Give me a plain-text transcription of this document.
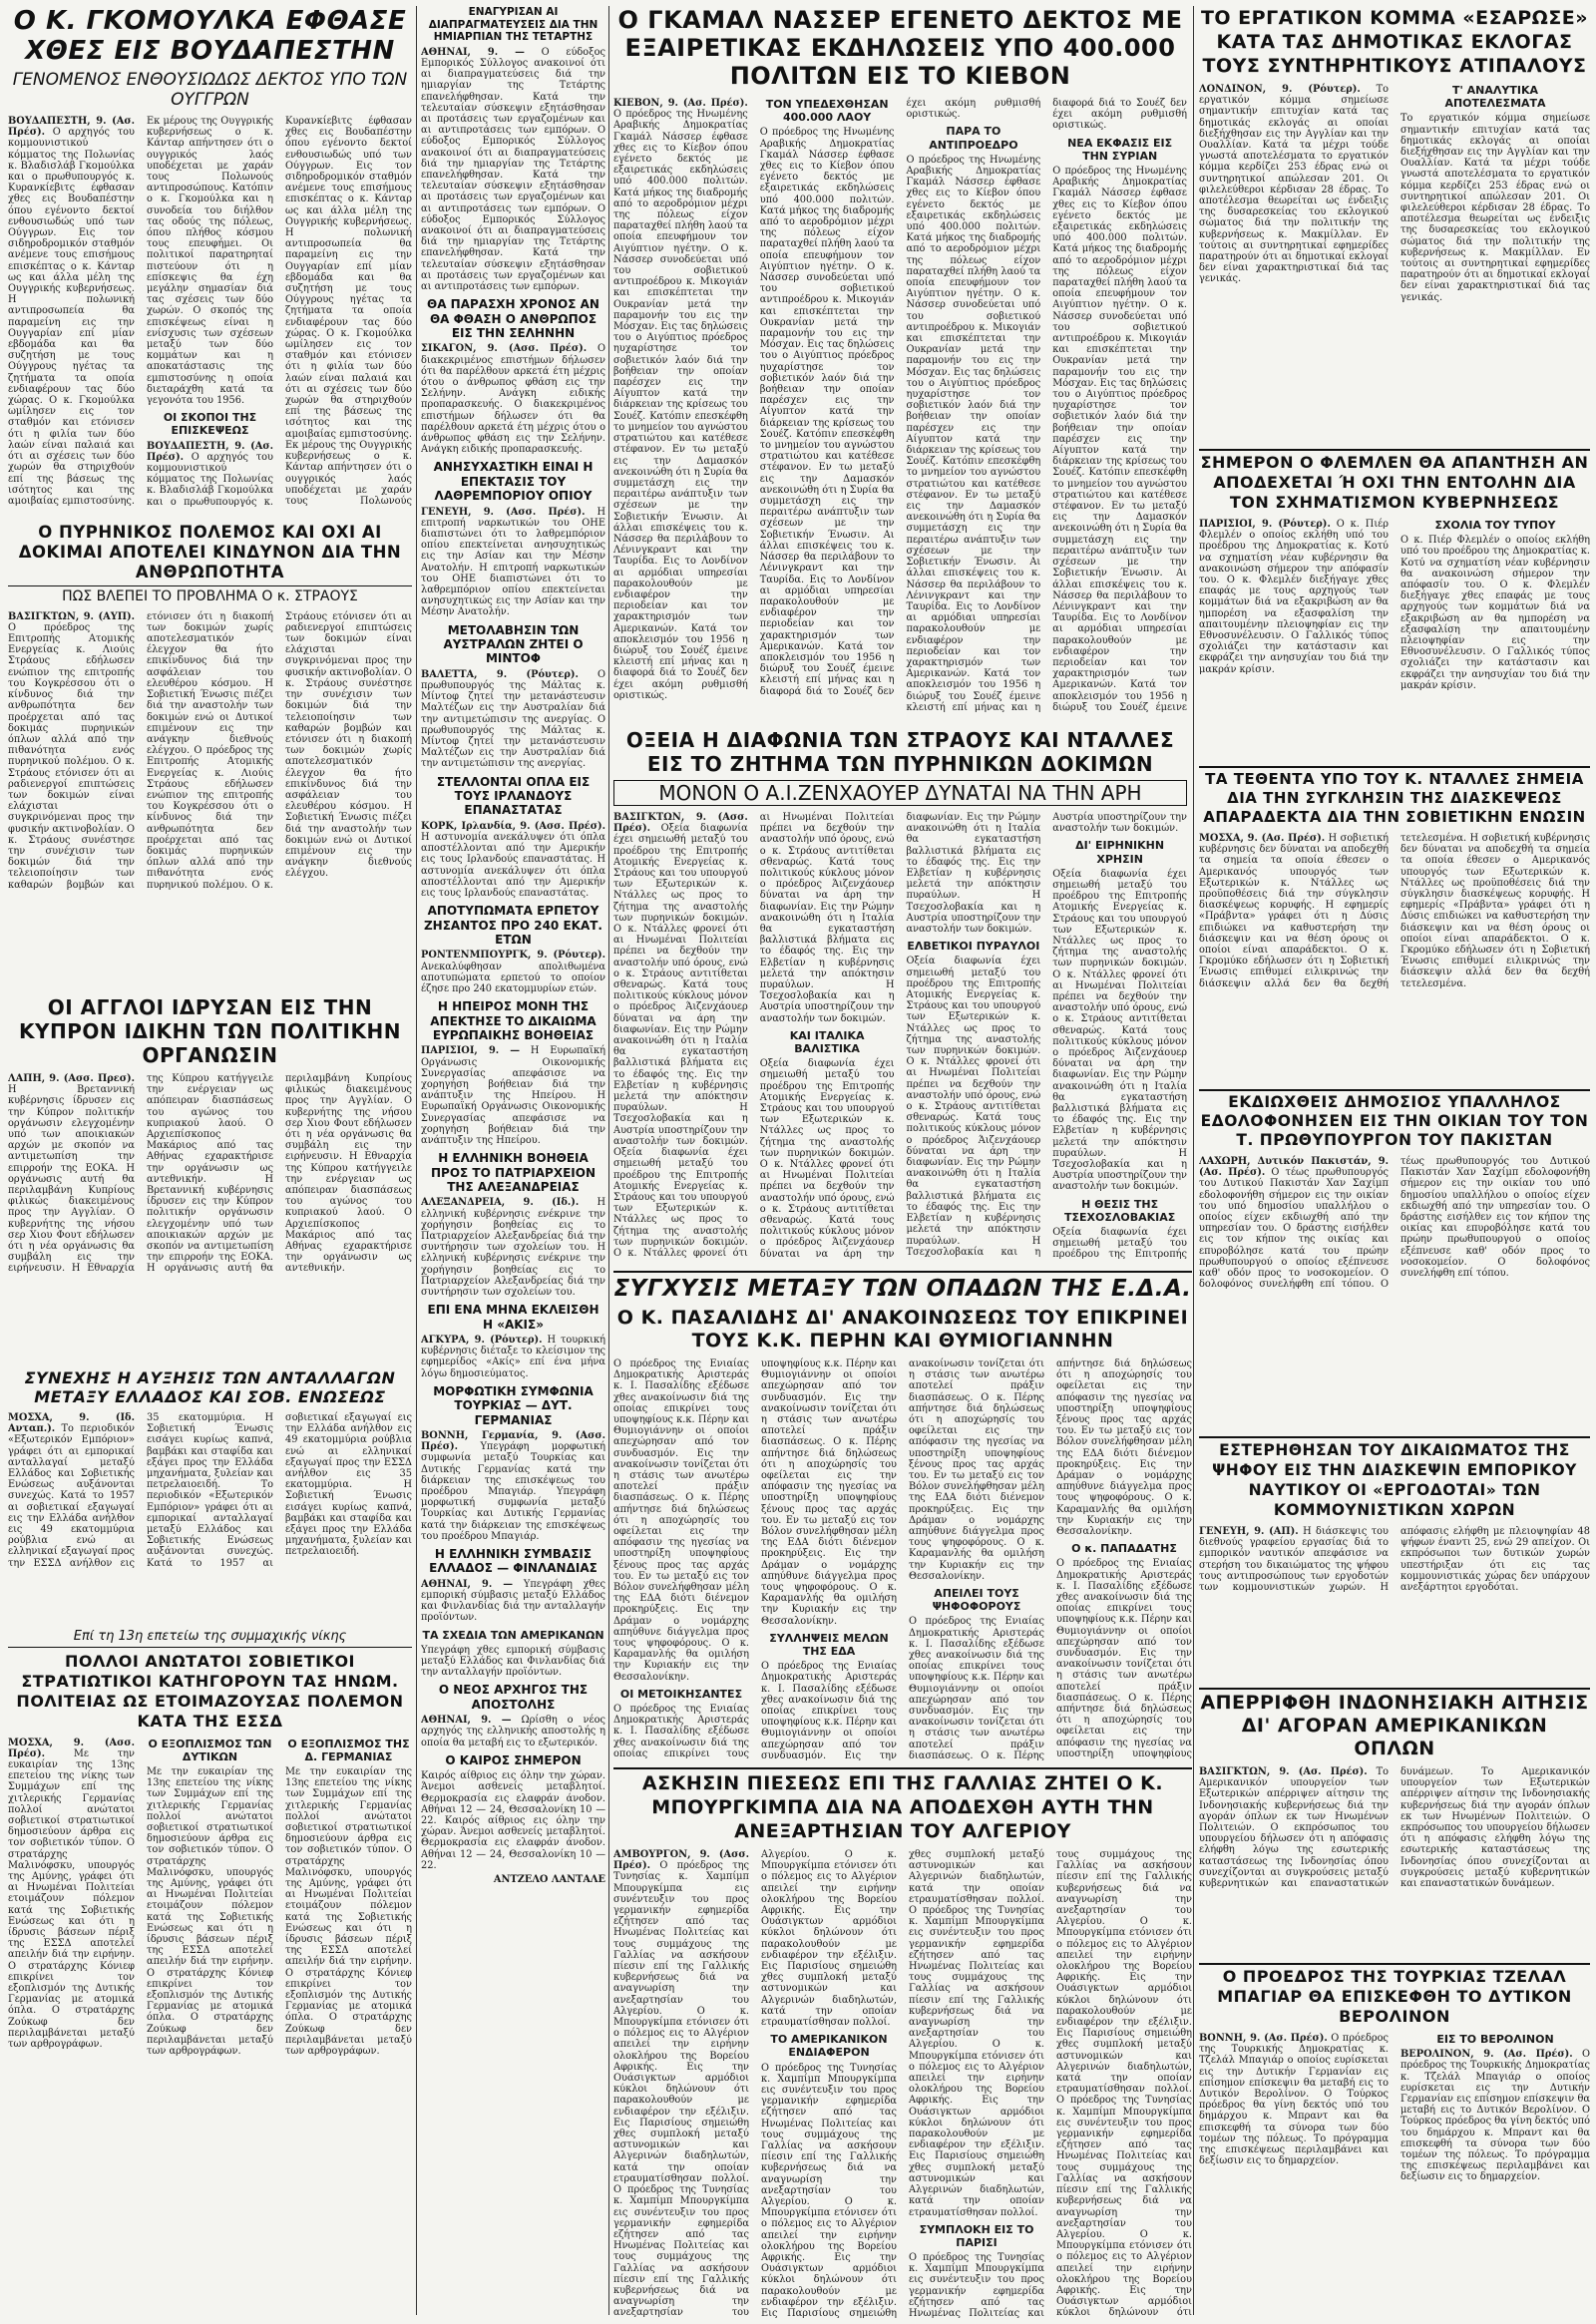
Ο Κ. ΓΚΟΜΟΥΛΚΑ ΕΦΘΑΣΕ ΧΘΕΣ ΕΙΣ ΒΟΥΔΑΠΕΣΤΗΝ
ΓΕΝΟΜΕΝΟΣ ΕΝΘΟΥΣΙΩΔΩΣ ΔΕΚΤΟΣ ΥΠΟ ΤΩΝ ΟΥΓΓΡΩΝ
ΒΟΥΔΑΠΕΣΤΗ, 9. (Ασ. Πρέσ). Ο αρχηγός του κομμουνιστικού κόμματος της Πολωνίας κ. Βλαδισλάβ Γκομούλκα και ο πρωθυπουργός κ. Κυρανκίεβιτς έφθασαν χθες εις Βουδαπέστην όπου εγένοντο δεκτοί ενθουσιωδώς υπό των Ούγγρων. Εις τον σιδηροδρομικόν σταθμόν ανέμενε τους επισήμους επισκέπτας ο κ. Κάνταρ ως και άλλα μέλη της Ουγγρικής κυβερνήσεως. Η πολωνική αντιπροσωπεία θα παραμείνη εις την Ουγγαρίαν επί μίαν εβδομάδα και θα συζητήση με τους Ούγγρους ηγέτας τα ζητήματα τα οποία ενδιαφέρουν τας δύο χώρας. Ο κ. Γκομούλκα ωμίλησεν εις τον σταθμόν και ετόνισεν ότι η φιλία των δύο λαών είναι παλαιά και ότι αι σχέσεις των δύο χωρών θα στηριχθούν επί της βάσεως της ισότητος και της αμοιβαίας εμπιστοσύνης. Εκ μέρους της Ουγγρικής κυβερνήσεως ο κ. Κάνταρ απήντησεν ότι ο ουγγρικός λαός υποδέχεται με χαράν τους Πολωνούς αντιπροσώπους. Κατόπιν ο κ. Γκομούλκα και η συνοδεία του διήλθον τας οδούς της πόλεως, όπου πλήθος κόσμου τους επευφήμει. Οι πολιτικοί παρατηρηταί πιστεύουν ότι η επίσκεψις θα έχη μεγάλην σημασίαν διά τας σχέσεις των δύο χωρών. Ο σκοπός της επισκέψεως είναι η ενίσχυσις των σχέσεων μεταξύ των δύο κομμάτων και η αποκατάστασις της εμπιστοσύνης η οποία διεταράχθη κατά τα γεγονότα του 1956.
ΟΙ ΣΚΟΠΟΙ ΤΗΣ ΕΠΙΣΚΕΨΕΩΣ
ΒΟΥΔΑΠΕΣΤΗ, 9. (Ασ. Πρέσ). Ο αρχηγός του κομμουνιστικού κόμματος της Πολωνίας κ. Βλαδισλάβ Γκομούλκα και ο πρωθυπουργός κ. Κυρανκίεβιτς έφθασαν χθες εις Βουδαπέστην όπου εγένοντο δεκτοί ενθουσιωδώς υπό των Ούγγρων. Εις τον σιδηροδρομικόν σταθμόν ανέμενε τους επισήμους επισκέπτας ο κ. Κάνταρ ως και άλλα μέλη της Ουγγρικής κυβερνήσεως. Η πολωνική αντιπροσωπεία θα παραμείνη εις την Ουγγαρίαν επί μίαν εβδομάδα και θα συζητήση με τους Ούγγρους ηγέτας τα ζητήματα τα οποία ενδιαφέρουν τας δύο χώρας. Ο κ. Γκομούλκα ωμίλησεν εις τον σταθμόν και ετόνισεν ότι η φιλία των δύο λαών είναι παλαιά και ότι αι σχέσεις των δύο χωρών θα στηριχθούν επί της βάσεως της ισότητος και της αμοιβαίας εμπιστοσύνης. Εκ μέρους της Ουγγρικής κυβερνήσεως ο κ. Κάνταρ απήντησεν ότι ο ουγγρικός λαός υποδέχεται με χαράν τους Πολωνούς
Ο ΠΥΡΗΝΙΚΟΣ ΠΟΛΕΜΟΣ ΚΑΙ ΟΧΙ ΑΙ ΔΟΚΙΜΑΙ ΑΠΟΤΕΛΕΙ ΚΙΝΔΥΝΟΝ ΔΙΑ ΤΗΝ ΑΝΘΡΩΠΟΤΗΤΑ
ΠΩΣ ΒΛΕΠΕΙ ΤΟ ΠΡΟΒΛΗΜΑ Ο κ. ΣΤΡΑΟΥΣ
ΒΑΣΙΓΚΤΩΝ, 9. (ΑΥΠ). Ο πρόεδρος της Επιτροπής Ατομικής Ενεργείας κ. Λιούις Στράους εδήλωσεν ενώπιον της επιτροπής του Κογκρέσσου ότι ο κίνδυνος διά την ανθρωπότητα δεν προέρχεται από τας δοκιμάς πυρηνικών όπλων αλλά από την πιθανότητα ενός πυρηνικού πολέμου. Ο κ. Στράους ετόνισεν ότι αι ραδιενεργοί επιπτώσεις των δοκιμών είναι ελάχισται συγκρινόμεναι προς την φυσικήν ακτινοβολίαν. Ο κ. Στράους συνέστησε την συνέχισιν των δοκιμών διά την τελειοποίησιν των καθαρών βομβών και ετόνισεν ότι η διακοπή των δοκιμών χωρίς αποτελεσματικόν έλεγχον θα ήτο επικίνδυνος διά την ασφάλειαν του ελευθέρου κόσμου. Η Σοβιετική Ένωσις πιέζει διά την αναστολήν των δοκιμών ενώ οι Δυτικοί επιμένουν εις την ανάγκην διεθνούς ελέγχου. Ο πρόεδρος της Επιτροπής Ατομικής Ενεργείας κ. Λιούις Στράους εδήλωσεν ενώπιον της επιτροπής του Κογκρέσσου ότι ο κίνδυνος διά την ανθρωπότητα δεν προέρχεται από τας δοκιμάς πυρηνικών όπλων αλλά από την πιθανότητα ενός πυρηνικού πολέμου. Ο κ. Στράους ετόνισεν ότι αι ραδιενεργοί επιπτώσεις των δοκιμών είναι ελάχισται συγκρινόμεναι προς την φυσικήν ακτινοβολίαν. Ο κ. Στράους συνέστησε την συνέχισιν των δοκιμών διά την τελειοποίησιν των καθαρών βομβών και ετόνισεν ότι η διακοπή των δοκιμών χωρίς αποτελεσματικόν έλεγχον θα ήτο επικίνδυνος διά την ασφάλειαν του ελευθέρου κόσμου. Η Σοβιετική Ένωσις πιέζει διά την αναστολήν των δοκιμών ενώ οι Δυτικοί επιμένουν εις την ανάγκην διεθνούς ελέγχου.
ΟΙ ΑΓΓΛΟΙ ΙΔΡΥΣΑΝ ΕΙΣ ΤΗΝ ΚΥΠΡΟΝ ΙΔΙΚΗΝ ΤΩΝ ΠΟΛΙΤΙΚΗΝ ΟΡΓΑΝΩΣΙΝ
ΛΑΠΗ, 9. (Ασσ. Πρεσ). Η Βρεταννική κυβέρνησις ίδρυσεν εις την Κύπρον πολιτικήν οργάνωσιν ελεγχομένην υπό των αποικιακών αρχών με σκοπόν να αντιμετωπίση την επιρροήν της ΕΟΚΑ. Η οργάνωσις αυτή θα περιλαμβάνη Κυπρίους φιλικώς διακειμένους προς την Αγγλίαν. Ο κυβερνήτης της νήσου σερ Χιου Φουτ εδήλωσεν ότι η νέα οργάνωσις θα συμβάλη εις την ειρήνευσιν. Η Εθναρχία της Κύπρου κατήγγειλε την ενέργειαν ως απόπειραν διασπάσεως του αγώνος του κυπριακού λαού. Ο Αρχιεπίσκοπος Μακάριος από τας Αθήνας εχαρακτήρισε την οργάνωσιν ως αντεθνικήν.	Η Βρεταννική κυβέρνησις ίδρυσεν εις την Κύπρον πολιτικήν οργάνωσιν ελεγχομένην υπό των αποικιακών αρχών με σκοπόν να αντιμετωπίση την επιρροήν της ΕΟΚΑ. Η οργάνωσις αυτή θα περιλαμβάνη Κυπρίους φιλικώς διακειμένους προς την Αγγλίαν. Ο κυβερνήτης της νήσου σερ Χιου Φουτ εδήλωσεν ότι η νέα οργάνωσις θα συμβάλη εις την ειρήνευσιν. Η Εθναρχία της Κύπρου κατήγγειλε την ενέργειαν ως απόπειραν διασπάσεως του αγώνος του κυπριακού λαού. Ο Αρχιεπίσκοπος Μακάριος από τας Αθήνας εχαρακτήρισε την οργάνωσιν ως αντεθνικήν.
ΣΥΝΕΧΗΣ Η ΑΥΞΗΣΙΣ ΤΩΝ ΑΝΤΑΛΛΑΓΩΝ ΜΕΤΑΞΥ ΕΛΛΑΔΟΣ ΚΑΙ ΣΟΒ. ΕΝΩΣΕΩΣ
ΜΟΣΧΑ, 9. (Ιδ. Ανταπ.). Το περιοδικόν «Εξωτερικόν Εμπόριον» γράφει ότι αι εμπορικαί ανταλλαγαί μεταξύ Ελλάδος και Σοβιετικής Ενώσεως αυξάνονται συνεχώς. Κατά το 1957 αι σοβιετικαί εξαγωγαί εις την Ελλάδα ανήλθον εις 49 εκατομμύρια ρούβλια ενώ αι ελληνικαί εξαγωγαί προς την ΕΣΣΔ ανήλθον εις 35 εκατομμύρια. Η Σοβιετική Ένωσις εισάγει κυρίως καπνά, βαμβάκι και σταφίδα και εξάγει προς την Ελλάδα μηχανήματα, ξυλείαν και πετρελαιοειδή.	Το περιοδικόν «Εξωτερικόν Εμπόριον» γράφει ότι αι εμπορικαί ανταλλαγαί μεταξύ Ελλάδος και Σοβιετικής Ενώσεως αυξάνονται συνεχώς. Κατά το 1957 αι σοβιετικαί εξαγωγαί εις την Ελλάδα ανήλθον εις 49 εκατομμύρια ρούβλια ενώ αι ελληνικαί εξαγωγαί προς την ΕΣΣΔ ανήλθον εις 35 εκατομμύρια. Η Σοβιετική Ένωσις εισάγει κυρίως καπνά, βαμβάκι και σταφίδα και εξάγει προς την Ελλάδα μηχανήματα, ξυλείαν και πετρελαιοειδή.
Επί τη 13η επετείω της συμμαχικής νίκης
ΠΟΛΛΟΙ ΑΝΩΤΑΤΟΙ ΣΟΒΙΕΤΙΚΟΙ ΣΤΡΑΤΙΩΤΙΚΟΙ ΚΑΤΗΓΟΡΟΥΝ ΤΑΣ ΗΝΩΜ. ΠΟΛΙΤΕΙΑΣ ΩΣ ΕΤΟΙΜΑΖΟΥΣΑΣ ΠΟΛΕΜΟΝ ΚΑΤΑ ΤΗΣ ΕΣΣΔ
ΜΟΣΧΑ, 9. (Ασσ. Πρέσ).	Με την ευκαιρίαν της 13ης επετείου της νίκης των Συμμάχων επί της χιτλερικής Γερμανίας πολλοί ανώτατοι σοβιετικοί στρατιωτικοί δημοσιεύουν άρθρα εις τον σοβιετικόν τύπον. Ο στρατάρχης Μαλινόφσκυ, υπουργός της Αμύνης, γράφει ότι αι Ηνωμέναι Πολιτείαι ετοιμάζουν πόλεμον κατά της Σοβιετικής Ενώσεως και ότι η ίδρυσις βάσεων πέριξ της ΕΣΣΔ αποτελεί απειλήν διά την ειρήνην. Ο στρατάρχης Κόνιεφ επικρίνει τον εξοπλισμόν της Δυτικής Γερμανίας με ατομικά όπλα. Ο στρατάρχης Ζούκωφ δεν περιλαμβάνεται μεταξύ των αρθρογράφων.
Ο ΕΞΟΠΛΙΣΜΟΣ ΤΩΝ ΔΥΤΙΚΩΝ
Με την ευκαιρίαν της 13ης επετείου της νίκης των Συμμάχων επί της χιτλερικής Γερμανίας πολλοί ανώτατοι σοβιετικοί στρατιωτικοί δημοσιεύουν άρθρα εις τον σοβιετικόν τύπον. Ο στρατάρχης Μαλινόφσκυ, υπουργός της Αμύνης, γράφει ότι αι Ηνωμέναι Πολιτείαι ετοιμάζουν πόλεμον κατά της Σοβιετικής Ενώσεως και ότι η ίδρυσις βάσεων πέριξ της ΕΣΣΔ αποτελεί απειλήν διά την ειρήνην. Ο στρατάρχης Κόνιεφ επικρίνει τον εξοπλισμόν της Δυτικής Γερμανίας με ατομικά όπλα. Ο στρατάρχης Ζούκωφ δεν περιλαμβάνεται μεταξύ των αρθρογράφων.
Ο ΕΞΟΠΛΙΣΜΟΣ ΤΗΣ Δ. ΓΕΡΜΑΝΙΑΣ
Με την ευκαιρίαν της 13ης επετείου της νίκης των Συμμάχων επί της χιτλερικής Γερμανίας πολλοί ανώτατοι σοβιετικοί στρατιωτικοί δημοσιεύουν άρθρα εις τον σοβιετικόν τύπον. Ο στρατάρχης Μαλινόφσκυ, υπουργός της Αμύνης, γράφει ότι αι Ηνωμέναι Πολιτείαι ετοιμάζουν πόλεμον κατά της Σοβιετικής Ενώσεως και ότι η ίδρυσις βάσεων πέριξ της ΕΣΣΔ αποτελεί απειλήν διά την ειρήνην. Ο στρατάρχης Κόνιεφ επικρίνει τον εξοπλισμόν της Δυτικής Γερμανίας με ατομικά όπλα. Ο στρατάρχης Ζούκωφ δεν περιλαμβάνεται μεταξύ των αρθρογράφων.
ΕΝΑΓΥΡΙΣΑΝ ΑΙ ΔΙΑΠΡΑΓΜΑΤΕΥΣΕΙΣ ΔΙΑ ΤΗΝ ΗΜΙΑΡΠΙΑΝ ΤΗΣ ΤΕΤΑΡΤΗΣ
ΑΘΗΝΑΙ, 9. — Ο εύδοξος Εμπορικός Σύλλογος ανακοινοί ότι αι διαπραγματεύσεις διά την ημιαργίαν της Τετάρτης επανελήφθησαν. Κατά την τελευταίαν σύσκεψιν εξητάσθησαν αι προτάσεις των εργαζομένων και αι αντιπροτάσεις των εμπόρων. Ο εύδοξος Εμπορικός Σύλλογος ανακοινοί ότι αι διαπραγματεύσεις διά την ημιαργίαν της Τετάρτης επανελήφθησαν. Κατά την τελευταίαν σύσκεψιν εξητάσθησαν αι προτάσεις των εργαζομένων και αι αντιπροτάσεις των εμπόρων. Ο εύδοξος Εμπορικός Σύλλογος ανακοινοί ότι αι διαπραγματεύσεις διά την ημιαργίαν της Τετάρτης επανελήφθησαν. Κατά την τελευταίαν σύσκεψιν εξητάσθησαν αι προτάσεις των εργαζομένων και αι αντιπροτάσεις των εμπόρων.
ΘΑ ΠΑΡΑΣΧΗ ΧΡΟΝΟΣ ΑΝ ΘΑ ΦΘΑΣΗ Ο ΑΝΘΡΩΠΟΣ ΕΙΣ ΤΗΝ ΣΕΛΗΝΗΝ
ΣΙΚΑΓΟΝ, 9. (Ασσ. Πρέσ). Ο διακεκριμένος επιστήμων δήλωσεν ότι θα παρέλθουν αρκετά έτη μέχρις ότου ο άνθρωπος φθάση εις την Σελήνην. Ανάγκη ειδικής προπαρασκευής. Ο διακεκριμένος επιστήμων δήλωσεν ότι θα παρέλθουν αρκετά έτη μέχρις ότου ο άνθρωπος φθάση εις την Σελήνην. Ανάγκη ειδικής προπαρασκευής.
ΑΝΗΣΥΧΑΣΤΙΚΗ ΕΙΝΑΙ Η ΕΠΕΚΤΑΣΙΣ ΤΟΥ ΛΑΘΡΕΜΠΟΡΙΟΥ ΟΠΙΟΥ
ΓΕΝΕΥΗ, 9. (Ασσ. Πρέσ). Η επιτροπή ναρκωτικών του ΟΗΕ διαπιστώνει ότι το λαθρεμπόριον οπίου επεκτείνεται ανησυχητικώς εις την Ασίαν και την Μέσην Ανατολήν. Η επιτροπή ναρκωτικών του ΟΗΕ διαπιστώνει ότι το λαθρεμπόριον οπίου επεκτείνεται ανησυχητικώς εις την Ασίαν και την Μέσην Ανατολήν.
ΜΕΤΟΛΑΒΗΣΙΝ ΤΩΝ ΑΥΣΤΡΑΛΩΝ ΖΗΤΕΙ Ο ΜΙΝΤΟΦ
ΒΑΛΕΤΤΑ, 9. (Ρόυτερ). Ο πρωθυπουργός της Μάλτας κ. Μίντοφ ζητεί την μετανάστευσιν Μαλτέζων εις την Αυστραλίαν διά την αντιμετώπισιν της ανεργίας. Ο πρωθυπουργός της Μάλτας κ. Μίντοφ ζητεί την μετανάστευσιν Μαλτέζων εις την Αυστραλίαν διά την αντιμετώπισιν της ανεργίας.
ΣΤΕΛΛΟΝΤΑΙ ΟΠΛΑ ΕΙΣ ΤΟΥΣ ΙΡΛΑΝΔΟΥΣ ΕΠΑΝΑΣΤΑΤΑΣ
ΚΟΡΚ, Ιρλανδία, 9. (Ασσ. Πρέσ). Η αστυνομία ανεκάλυψεν ότι όπλα αποστέλλονται από την Αμερικήν εις τους Ιρλανδούς επαναστάτας. Η αστυνομία ανεκάλυψεν ότι όπλα αποστέλλονται από την Αμερικήν εις τους Ιρλανδούς επαναστάτας.
ΑΠΟΤΥΠΩΜΑΤΑ ΕΡΠΕΤΟΥ ΖΗΣΑΝΤΟΣ ΠΡΟ 240 ΕΚΑΤ. ΕΤΩΝ
ΡΟΝΤΕΝΜΠΟΥΡΓΚ, 9. (Ρόυτερ). Ανεκαλύφθησαν απολιθωμένα αποτυπώματα ερπετού το οποίον έζησε προ 240 εκατομμυρίων ετών.
Η ΗΠΕΙΡΟΣ ΜΟΝΗ ΤΗΣ ΑΠΕΚΤΗΣΕ ΤΟ ΔΙΚΑΙΩΜΑ ΕΥΡΩΠΑΙΚΗΣ ΒΟΗΘΕΙΑΣ
ΠΑΡΙΣΙΟΙ, 9. — Η Ευρωπαϊκή Οργάνωσις Οικονομικής Συνεργασίας απεφάσισε να χορηγήση βοήθειαν διά την ανάπτυξιν της Ηπείρου. Η Ευρωπαϊκή Οργάνωσις Οικονομικής Συνεργασίας απεφάσισε να χορηγήση βοήθειαν διά την ανάπτυξιν της Ηπείρου.
Η ΕΛΛΗΝΙΚΗ ΒΟΗΘΕΙΑ ΠΡΟΣ ΤΟ ΠΑΤΡΙΑΡΧΕΙΟΝ ΤΗΣ ΑΛΕΞΑΝΔΡΕΙΑΣ
ΑΛΕΞΑΝΔΡΕΙΑ, 9. (Ιδ.). Η ελληνική κυβέρνησις ενέκρινε την χορήγησιν βοηθείας εις το Πατριαρχείον Αλεξανδρείας διά την συντήρησιν των σχολείων του. Η ελληνική κυβέρνησις ενέκρινε την χορήγησιν βοηθείας εις το Πατριαρχείον Αλεξανδρείας διά την συντήρησιν των σχολείων του.
ΕΠΙ ΕΝΑ ΜΗΝΑ ΕΚΛΕΙΣΘΗ Η «ΑΚΙΣ»
ΑΓΚΥΡΑ, 9. (Ρόυτερ). Η τουρκική κυβέρνησις διέταξε το κλείσιμον της εφημερίδος «Ακίς» επί ένα μήνα λόγω δημοσιεύματος.
ΜΟΡΦΩΤΙΚΗ ΣΥΜΦΩΝΙΑ ΤΟΥΡΚΙΑΣ — ΔΥΤ. ΓΕΡΜΑΝΙΑΣ
ΒΟΝΝΗ, Γερμανία, 9. (Ασσ. Πρέσ). Υπεγράφη μορφωτική συμφωνία μεταξύ Τουρκίας και Δυτικής Γερμανίας κατά την διάρκειαν της επισκέψεως του προέδρου Μπαγιάρ. Υπεγράφη μορφωτική συμφωνία μεταξύ Τουρκίας και Δυτικής Γερμανίας κατά την διάρκειαν της επισκέψεως του προέδρου Μπαγιάρ.
Η ΕΛΛΗΝΙΚΗ ΣΥΜΒΑΣΙΣ ΕΛΛΑΔΟΣ — ΦΙΝΛΑΝΔΙΑΣ
ΑΘΗΝΑΙ, 9. — Υπεγράφη χθες εμπορική σύμβασις μεταξύ Ελλάδος και Φινλανδίας διά την ανταλλαγήν προϊόντων.
ΤΑ ΣΧΕΔΙΑ ΤΩΝ ΑΜΕΡΙΚΑΝΩΝ
Υπεγράφη χθες εμπορική σύμβασις μεταξύ Ελλάδος και Φινλανδίας διά την ανταλλαγήν προϊόντων.
Ο ΝΕΟΣ ΑΡΧΗΓΟΣ ΤΗΣ ΑΠΟΣΤΟΛΗΣ
ΑΘΗΝΑΙ, 9. — Ωρίσθη ο νέος αρχηγός της ελληνικής αποστολής η οποία θα μεταβή εις το εξωτερικόν.
Ο ΚΑΙΡΟΣ ΣΗΜΕΡΟΝ
Καιρός αίθριος εις όλην την χώραν. Άνεμοι ασθενείς μεταβλητοί. Θερμοκρασία εις ελαφράν άνοδον. Αθήναι 12 — 24, Θεσσαλονίκη 10 — 22. Καιρός αίθριος εις όλην την χώραν. Άνεμοι ασθενείς μεταβλητοί. Θερμοκρασία εις ελαφράν άνοδον. Αθήναι 12 — 24, Θεσσαλονίκη 10 — 22.
ΑΝΤΖΕΛΟ ΛΑΝΤΑΛΕ
Ο ΓΚΑΜΑΛ ΝΑΣΣΕΡ ΕΓΕΝΕΤΟ ΔΕΚΤΟΣ ΜΕ ΕΞΑΙΡΕΤΙΚΑΣ ΕΚΔΗΛΩΣΕΙΣ ΥΠΟ 400.000 ΠΟΛΙΤΩΝ ΕΙΣ ΤΟ ΚΙΕΒΟΝ
ΚΙΕΒΟΝ, 9. (Ασ. Πρέσ). Ο πρόεδρος της Ηνωμένης Αραβικής Δημοκρατίας Γκαμάλ Νάσσερ έφθασε χθες εις το Κίεβον όπου εγένετο δεκτός με εξαιρετικάς εκδηλώσεις υπό 400.000 πολιτών. Κατά μήκος της διαδρομής από το αεροδρόμιον μέχρι της πόλεως είχον παραταχθεί πλήθη λαού τα οποία επευφήμουν τον Αιγύπτιον ηγέτην. Ο κ. Νάσσερ συνοδεύεται υπό του σοβιετικού αντιπροέδρου κ. Μικογιάν και επισκέπτεται την Ουκρανίαν μετά την παραμονήν του εις την Μόσχαν. Εις τας δηλώσεις του ο Αιγύπτιος πρόεδρος ηυχαρίστησε τον σοβιετικόν λαόν διά την βοήθειαν την οποίαν παρέσχεν εις την Αίγυπτον κατά την διάρκειαν της κρίσεως του Σουέζ. Κατόπιν επεσκέφθη το μνημείον του αγνώστου στρατιώτου και κατέθεσε στέφανον. Εν τω μεταξύ εις την Δαμασκόν ανεκοινώθη ότι η Συρία θα συμμετάσχη εις την περαιτέρω ανάπτυξιν των σχέσεων με την Σοβιετικήν Ένωσιν. Αι άλλαι επισκέψεις του κ. Νάσσερ θα περιλάβουν το Λένινγκραντ και την Ταυρίδα. Εις το Λονδίνον αι αρμόδιαι υπηρεσίαι παρακολουθούν με ενδιαφέρον την περιοδείαν και τον χαρακτηρισμόν των Αμερικανών. Κατά τον αποκλεισμόν του 1956 η διώρυξ του Σουέζ έμεινε κλειστή επί μήνας και η διαφορά διά το Σουέζ δεν έχει ακόμη ρυθμισθή οριστικώς.
ΤΟΝ ΥΠΕΔΕΧΘΗΣΑΝ 400.000 ΛΑΟΥ
Ο πρόεδρος της Ηνωμένης Αραβικής Δημοκρατίας Γκαμάλ Νάσσερ έφθασε χθες εις το Κίεβον όπου εγένετο δεκτός με εξαιρετικάς εκδηλώσεις υπό 400.000 πολιτών. Κατά μήκος της διαδρομής από το αεροδρόμιον μέχρι της πόλεως είχον παραταχθεί πλήθη λαού τα οποία επευφήμουν τον Αιγύπτιον ηγέτην. Ο κ. Νάσσερ συνοδεύεται υπό του σοβιετικού αντιπροέδρου κ. Μικογιάν και επισκέπτεται την Ουκρανίαν μετά την παραμονήν του εις την Μόσχαν. Εις τας δηλώσεις του ο Αιγύπτιος πρόεδρος ηυχαρίστησε τον σοβιετικόν λαόν διά την βοήθειαν την οποίαν παρέσχεν εις την Αίγυπτον κατά την διάρκειαν της κρίσεως του Σουέζ. Κατόπιν επεσκέφθη το μνημείον του αγνώστου στρατιώτου και κατέθεσε στέφανον. Εν τω μεταξύ εις την Δαμασκόν ανεκοινώθη ότι η Συρία θα συμμετάσχη εις την περαιτέρω ανάπτυξιν των σχέσεων με την Σοβιετικήν Ένωσιν. Αι άλλαι επισκέψεις του κ. Νάσσερ θα περιλάβουν το Λένινγκραντ και την Ταυρίδα. Εις το Λονδίνον αι αρμόδιαι υπηρεσίαι παρακολουθούν με ενδιαφέρον την περιοδείαν και τον χαρακτηρισμόν των Αμερικανών. Κατά τον αποκλεισμόν του 1956 η διώρυξ του Σουέζ έμεινε κλειστή επί μήνας και η διαφορά διά το Σουέζ δεν έχει ακόμη ρυθμισθή οριστικώς.
ΠΑΡΑ ΤΟ ΑΝΤΙΠΡΟΕΔΡΟ
Ο πρόεδρος της Ηνωμένης Αραβικής Δημοκρατίας Γκαμάλ Νάσσερ έφθασε χθες εις το Κίεβον όπου εγένετο δεκτός με εξαιρετικάς εκδηλώσεις υπό 400.000 πολιτών. Κατά μήκος της διαδρομής από το αεροδρόμιον μέχρι της πόλεως είχον παραταχθεί πλήθη λαού τα οποία επευφήμουν τον Αιγύπτιον ηγέτην. Ο κ. Νάσσερ συνοδεύεται υπό του σοβιετικού αντιπροέδρου κ. Μικογιάν και επισκέπτεται την Ουκρανίαν μετά την παραμονήν του εις την Μόσχαν. Εις τας δηλώσεις του ο Αιγύπτιος πρόεδρος ηυχαρίστησε τον σοβιετικόν λαόν διά την βοήθειαν την οποίαν παρέσχεν εις την Αίγυπτον κατά την διάρκειαν της κρίσεως του Σουέζ. Κατόπιν επεσκέφθη το μνημείον του αγνώστου στρατιώτου και κατέθεσε στέφανον. Εν τω μεταξύ εις την Δαμασκόν ανεκοινώθη ότι η Συρία θα συμμετάσχη εις την περαιτέρω ανάπτυξιν των σχέσεων με την Σοβιετικήν Ένωσιν. Αι άλλαι επισκέψεις του κ. Νάσσερ θα περιλάβουν το Λένινγκραντ και την Ταυρίδα. Εις το Λονδίνον αι αρμόδιαι υπηρεσίαι παρακολουθούν με ενδιαφέρον την περιοδείαν και τον χαρακτηρισμόν των Αμερικανών. Κατά τον αποκλεισμόν του 1956 η διώρυξ του Σουέζ έμεινε κλειστή επί μήνας και η διαφορά διά το Σουέζ δεν έχει ακόμη ρυθμισθή οριστικώς.
ΝΕΑ ΕΚΦΑΣΙΣ ΕΙΣ ΤΗΝ ΣΥΡΙΑΝ
Ο πρόεδρος της Ηνωμένης Αραβικής Δημοκρατίας Γκαμάλ Νάσσερ έφθασε χθες εις το Κίεβον όπου εγένετο δεκτός με εξαιρετικάς εκδηλώσεις υπό 400.000 πολιτών. Κατά μήκος της διαδρομής από το αεροδρόμιον μέχρι της πόλεως είχον παραταχθεί πλήθη λαού τα οποία επευφήμουν τον Αιγύπτιον ηγέτην. Ο κ. Νάσσερ συνοδεύεται υπό του σοβιετικού αντιπροέδρου κ. Μικογιάν και επισκέπτεται την Ουκρανίαν μετά την παραμονήν του εις την Μόσχαν. Εις τας δηλώσεις του ο Αιγύπτιος πρόεδρος ηυχαρίστησε τον σοβιετικόν λαόν διά την βοήθειαν την οποίαν παρέσχεν εις την Αίγυπτον κατά την διάρκειαν της κρίσεως του Σουέζ. Κατόπιν επεσκέφθη το μνημείον του αγνώστου στρατιώτου και κατέθεσε στέφανον. Εν τω μεταξύ εις την Δαμασκόν ανεκοινώθη ότι η Συρία θα συμμετάσχη εις την περαιτέρω ανάπτυξιν των σχέσεων με την Σοβιετικήν Ένωσιν. Αι άλλαι επισκέψεις του κ. Νάσσερ θα περιλάβουν το Λένινγκραντ και την Ταυρίδα. Εις το Λονδίνον αι αρμόδιαι υπηρεσίαι παρακολουθούν με ενδιαφέρον την περιοδείαν και τον χαρακτηρισμόν των Αμερικανών. Κατά τον αποκλεισμόν του 1956 η διώρυξ του Σουέζ έμεινε
ΟΞΕΙΑ Η ΔΙΑΦΩΝΙΑ ΤΩΝ ΣΤΡΑΟΥΣ ΚΑΙ ΝΤΑΛΛΕΣ ΕΙΣ ΤΟ ΖΗΤΗΜΑ ΤΩΝ ΠΥΡΗΝΙΚΩΝ ΔΟΚΙΜΩΝ
ΜΟΝΟΝ Ο Α.Ι.ΖΕΝΧΑΟΥΕΡ ΔΥΝΑΤΑΙ ΝΑ ΤΗΝ ΑΡΗ
ΒΑΣΙΓΚΤΩΝ, 9. (Ασσ. Πρέσ). Οξεία διαφωνία έχει σημειωθή μεταξύ του προέδρου της Επιτροπής Ατομικής Ενεργείας κ. Στράους και του υπουργού των Εξωτερικών κ. Ντάλλες ως προς το ζήτημα της αναστολής των πυρηνικών δοκιμών. Ο κ. Ντάλλες φρονεί ότι αι Ηνωμέναι Πολιτείαι πρέπει να δεχθούν την αναστολήν υπό όρους, ενώ ο κ. Στράους αντιτίθεται σθεναρώς. Κατά τους πολιτικούς κύκλους μόνον ο πρόεδρος Άιζενχάουερ δύναται να άρη την διαφωνίαν. Εις την Ρώμην ανακοινώθη ότι η Ιταλία θα εγκαταστήση βαλλιστικά βλήματα εις το έδαφός της. Εις την Ελβετίαν η κυβέρνησις μελετά την απόκτησιν πυραύλων. Η Τσεχοσλοβακία και η Αυστρία υποστηρίζουν την αναστολήν των δοκιμών. Οξεία διαφωνία έχει σημειωθή μεταξύ του προέδρου της Επιτροπής Ατομικής Ενεργείας κ. Στράους και του υπουργού των Εξωτερικών κ. Ντάλλες ως προς το ζήτημα της αναστολής των πυρηνικών δοκιμών. Ο κ. Ντάλλες φρονεί ότι αι Ηνωμέναι Πολιτείαι πρέπει να δεχθούν την αναστολήν υπό όρους, ενώ ο κ. Στράους αντιτίθεται σθεναρώς. Κατά τους πολιτικούς κύκλους μόνον ο πρόεδρος Άιζενχάουερ δύναται να άρη την διαφωνίαν. Εις την Ρώμην ανακοινώθη ότι η Ιταλία θα εγκαταστήση βαλλιστικά βλήματα εις το έδαφός της. Εις την Ελβετίαν η κυβέρνησις μελετά την απόκτησιν πυραύλων. Η Τσεχοσλοβακία και η Αυστρία υποστηρίζουν την αναστολήν των δοκιμών.
ΚΑΙ ΙΤΑΛΙΚΑ ΒΑΛΙΣΤΙΚΑ
Οξεία διαφωνία έχει σημειωθή μεταξύ του προέδρου της Επιτροπής Ατομικής Ενεργείας κ. Στράους και του υπουργού των Εξωτερικών κ. Ντάλλες ως προς το ζήτημα της αναστολής των πυρηνικών δοκιμών. Ο κ. Ντάλλες φρονεί ότι αι Ηνωμέναι Πολιτείαι πρέπει να δεχθούν την αναστολήν υπό όρους, ενώ ο κ. Στράους αντιτίθεται σθεναρώς. Κατά τους πολιτικούς κύκλους μόνον ο πρόεδρος Άιζενχάουερ δύναται να άρη την διαφωνίαν. Εις την Ρώμην ανακοινώθη ότι η Ιταλία θα εγκαταστήση βαλλιστικά βλήματα εις το έδαφός της. Εις την Ελβετίαν η κυβέρνησις μελετά την απόκτησιν πυραύλων. Η Τσεχοσλοβακία και η Αυστρία υποστηρίζουν την αναστολήν των δοκιμών.
ΕΛΒΕΤΙΚΟΙ ΠΥΡΑΥΛΟΙ
Οξεία διαφωνία έχει σημειωθή μεταξύ του προέδρου της Επιτροπής Ατομικής Ενεργείας κ. Στράους και του υπουργού των Εξωτερικών κ. Ντάλλες ως προς το ζήτημα της αναστολής των πυρηνικών δοκιμών. Ο κ. Ντάλλες φρονεί ότι αι Ηνωμέναι Πολιτείαι πρέπει να δεχθούν την αναστολήν υπό όρους, ενώ ο κ. Στράους αντιτίθεται σθεναρώς. Κατά τους πολιτικούς κύκλους μόνον ο πρόεδρος Άιζενχάουερ δύναται να άρη την διαφωνίαν. Εις την Ρώμην ανακοινώθη ότι η Ιταλία θα εγκαταστήση βαλλιστικά βλήματα εις το έδαφός της. Εις την Ελβετίαν η κυβέρνησις μελετά την απόκτησιν πυραύλων. Η Τσεχοσλοβακία και η Αυστρία υποστηρίζουν την αναστολήν των δοκιμών.
ΔΙ' ΕΙΡΗΝΙΚΗΝ ΧΡΗΣΙΝ
Οξεία διαφωνία έχει σημειωθή μεταξύ του προέδρου της Επιτροπής Ατομικής Ενεργείας κ. Στράους και του υπουργού των Εξωτερικών κ. Ντάλλες ως προς το ζήτημα της αναστολής των πυρηνικών δοκιμών. Ο κ. Ντάλλες φρονεί ότι αι Ηνωμέναι Πολιτείαι πρέπει να δεχθούν την αναστολήν υπό όρους, ενώ ο κ. Στράους αντιτίθεται σθεναρώς. Κατά τους πολιτικούς κύκλους μόνον ο πρόεδρος Άιζενχάουερ δύναται να άρη την διαφωνίαν. Εις την Ρώμην ανακοινώθη ότι η Ιταλία θα εγκαταστήση βαλλιστικά βλήματα εις το έδαφός της. Εις την Ελβετίαν η κυβέρνησις μελετά την απόκτησιν πυραύλων. Η Τσεχοσλοβακία και η Αυστρία υποστηρίζουν την αναστολήν των δοκιμών.
Η ΘΕΣΙΣ ΤΗΣ ΤΣΕΧΟΣΛΟΒΑΚΙΑΣ
Οξεία διαφωνία έχει σημειωθή μεταξύ του προέδρου της Επιτροπής
ΣΥΓΧΥΣΙΣ ΜΕΤΑΞΥ ΤΩΝ ΟΠΑΔΩΝ ΤΗΣ Ε.Δ.Α.
Ο Κ. ΠΑΣΑΛΙΔΗΣ ΔΙ' ΑΝΑΚΟΙΝΩΣΕΩΣ ΤΟΥ ΕΠΙΚΡΙΝΕΙ ΤΟΥΣ Κ.Κ. ΠΕΡΗΝ ΚΑΙ ΘΥΜΙΟΓΙΑΝΝΗΝ
Ο πρόεδρος της Ενιαίας Δημοκρατικής Αριστεράς κ. Ι. Πασαλίδης εξέδωσε χθες ανακοίνωσιν διά της οποίας επικρίνει τους υποψηφίους κ.κ. Πέρην και Θυμιογιάννην οι οποίοι απεχώρησαν από τον συνδυασμόν. Εις την ανακοίνωσιν τονίζεται ότι η στάσις των ανωτέρω αποτελεί πράξιν διασπάσεως. Ο κ. Πέρης απήντησε διά δηλώσεως ότι η αποχώρησίς του οφείλεται εις την απόφασιν της ηγεσίας να υποστηρίξη υποψηφίους ξένους προς τας αρχάς του. Εν τω μεταξύ εις τον Βόλον συνελήφθησαν μέλη της ΕΔΑ διότι διένεμον προκηρύξεις. Εις την Δράμαν ο νομάρχης απηύθυνε διάγγελμα προς τους ψηφοφόρους. Ο κ. Καραμανλής θα ομιλήση την Κυριακήν εις την Θεσσαλονίκην.
ΟΙ ΜΕΤΟΙΚΗΣΑΝΤΕΣ
Ο πρόεδρος της Ενιαίας Δημοκρατικής Αριστεράς κ. Ι. Πασαλίδης εξέδωσε χθες ανακοίνωσιν διά της οποίας επικρίνει τους υποψηφίους κ.κ. Πέρην και Θυμιογιάννην οι οποίοι απεχώρησαν από τον συνδυασμόν. Εις την ανακοίνωσιν τονίζεται ότι η στάσις των ανωτέρω αποτελεί πράξιν διασπάσεως. Ο κ. Πέρης απήντησε διά δηλώσεως ότι η αποχώρησίς του οφείλεται εις την απόφασιν της ηγεσίας να υποστηρίξη υποψηφίους ξένους προς τας αρχάς του. Εν τω μεταξύ εις τον Βόλον συνελήφθησαν μέλη της ΕΔΑ διότι διένεμον προκηρύξεις. Εις την Δράμαν ο νομάρχης απηύθυνε διάγγελμα προς τους ψηφοφόρους. Ο κ. Καραμανλής θα ομιλήση την Κυριακήν εις την Θεσσαλονίκην.
ΣΥΛΛΗΨΕΙΣ ΜΕΛΩΝ ΤΗΣ ΕΔΑ
Ο πρόεδρος της Ενιαίας Δημοκρατικής Αριστεράς κ. Ι. Πασαλίδης εξέδωσε χθες ανακοίνωσιν διά της οποίας επικρίνει τους υποψηφίους κ.κ. Πέρην και Θυμιογιάννην οι οποίοι απεχώρησαν από τον συνδυασμόν. Εις την ανακοίνωσιν τονίζεται ότι η στάσις των ανωτέρω αποτελεί πράξιν διασπάσεως. Ο κ. Πέρης απήντησε διά δηλώσεως ότι η αποχώρησίς του οφείλεται εις την απόφασιν της ηγεσίας να υποστηρίξη υποψηφίους ξένους προς τας αρχάς του. Εν τω μεταξύ εις τον Βόλον συνελήφθησαν μέλη της ΕΔΑ διότι διένεμον προκηρύξεις. Εις την Δράμαν ο νομάρχης απηύθυνε διάγγελμα προς τους ψηφοφόρους. Ο κ. Καραμανλής θα ομιλήση την Κυριακήν εις την Θεσσαλονίκην.
ΑΠΕΙΛΕΙ ΤΟΥΣ ΨΗΦΟΦΟΡΟΥΣ
Ο πρόεδρος της Ενιαίας Δημοκρατικής Αριστεράς κ. Ι. Πασαλίδης εξέδωσε χθες ανακοίνωσιν διά της οποίας επικρίνει τους υποψηφίους κ.κ. Πέρην και Θυμιογιάννην οι οποίοι απεχώρησαν από τον συνδυασμόν. Εις την ανακοίνωσιν τονίζεται ότι η στάσις των ανωτέρω αποτελεί πράξιν διασπάσεως. Ο κ. Πέρης απήντησε διά δηλώσεως ότι η αποχώρησίς του οφείλεται εις την απόφασιν της ηγεσίας να υποστηρίξη υποψηφίους ξένους προς τας αρχάς του. Εν τω μεταξύ εις τον Βόλον συνελήφθησαν μέλη της ΕΔΑ διότι διένεμον προκηρύξεις. Εις την Δράμαν ο νομάρχης απηύθυνε διάγγελμα προς τους ψηφοφόρους. Ο κ. Καραμανλής θα ομιλήση την Κυριακήν εις την Θεσσαλονίκην.
Ο κ. ΠΑΠΑΔΑΤΗΣ
Ο πρόεδρος της Ενιαίας Δημοκρατικής Αριστεράς κ. Ι. Πασαλίδης εξέδωσε χθες ανακοίνωσιν διά της οποίας επικρίνει τους υποψηφίους κ.κ. Πέρην και Θυμιογιάννην οι οποίοι απεχώρησαν από τον συνδυασμόν. Εις την ανακοίνωσιν τονίζεται ότι η στάσις των ανωτέρω αποτελεί πράξιν διασπάσεως. Ο κ. Πέρης απήντησε διά δηλώσεως ότι η αποχώρησίς του οφείλεται εις την απόφασιν της ηγεσίας να υποστηρίξη υποψηφίους
ΑΣΚΗΣΙΝ ΠΙΕΣΕΩΣ ΕΠΙ ΤΗΣ ΓΑΛΛΙΑΣ ΖΗΤΕΙ Ο Κ. ΜΠΟΥΡΓΚΙΜΠΑ ΔΙΑ ΝΑ ΑΠΟΔΕΧΘΗ ΑΥΤΗ ΤΗΝ ΑΝΕΞΑΡΤΗΣΙΑΝ ΤΟΥ ΑΛΓΕΡΙΟΥ
ΑΜΒΟΥΡΓΟΝ, 9. (Ασσ. Πρέσ). Ο πρόεδρος της Τυνησίας κ. Χαμπίμπ Μπουργκίμπα εις συνέντευξιν του προς γερμανικήν εφημερίδα εζήτησεν από τας Ηνωμένας Πολιτείας και τους συμμάχους της Γαλλίας να ασκήσουν πίεσιν επί της Γαλλικής κυβερνήσεως διά να αναγνωρίση την ανεξαρτησίαν του Αλγερίου. Ο κ. Μπουργκίμπα ετόνισεν ότι ο πόλεμος εις το Αλγέριον απειλεί την ειρήνην ολοκλήρου της Βορείου Αφρικής. Εις την Ουάσιγκτων αρμόδιοι κύκλοι δηλώνουν ότι παρακολουθούν με ενδιαφέρον την εξέλιξιν. Εις Παρισίους σημειώθη χθες συμπλοκή μεταξύ αστυνομικών και Αλγερινών διαδηλωτών, κατά την οποίαν ετραυματίσθησαν πολλοί. Ο πρόεδρος της Τυνησίας κ. Χαμπίμπ Μπουργκίμπα εις συνέντευξιν του προς γερμανικήν εφημερίδα εζήτησεν από τας Ηνωμένας Πολιτείας και τους συμμάχους της Γαλλίας να ασκήσουν πίεσιν επί της Γαλλικής κυβερνήσεως διά να αναγνωρίση την ανεξαρτησίαν του Αλγερίου. Ο κ. Μπουργκίμπα ετόνισεν ότι ο πόλεμος εις το Αλγέριον απειλεί την ειρήνην ολοκλήρου της Βορείου Αφρικής. Εις την Ουάσιγκτων αρμόδιοι κύκλοι δηλώνουν ότι παρακολουθούν με ενδιαφέρον την εξέλιξιν. Εις Παρισίους σημειώθη χθες συμπλοκή μεταξύ αστυνομικών και Αλγερινών διαδηλωτών, κατά την οποίαν ετραυματίσθησαν πολλοί.
ΤΟ ΑΜΕΡΙΚΑΝΙΚΟΝ ΕΝΔΙΑΦΕΡΟΝ
Ο πρόεδρος της Τυνησίας κ. Χαμπίμπ Μπουργκίμπα εις συνέντευξιν του προς γερμανικήν εφημερίδα εζήτησεν από τας Ηνωμένας Πολιτείας και τους συμμάχους της Γαλλίας να ασκήσουν πίεσιν επί της Γαλλικής κυβερνήσεως διά να αναγνωρίση την ανεξαρτησίαν του Αλγερίου. Ο κ. Μπουργκίμπα ετόνισεν ότι ο πόλεμος εις το Αλγέριον απειλεί την ειρήνην ολοκλήρου της Βορείου Αφρικής. Εις την Ουάσιγκτων αρμόδιοι κύκλοι δηλώνουν ότι παρακολουθούν με ενδιαφέρον την εξέλιξιν. Εις Παρισίους σημειώθη χθες συμπλοκή μεταξύ αστυνομικών και Αλγερινών διαδηλωτών, κατά την οποίαν ετραυματίσθησαν πολλοί. Ο πρόεδρος της Τυνησίας κ. Χαμπίμπ Μπουργκίμπα εις συνέντευξιν του προς γερμανικήν εφημερίδα εζήτησεν από τας Ηνωμένας Πολιτείας και τους συμμάχους της Γαλλίας να ασκήσουν πίεσιν επί της Γαλλικής κυβερνήσεως διά να αναγνωρίση την ανεξαρτησίαν του Αλγερίου. Ο κ. Μπουργκίμπα ετόνισεν ότι ο πόλεμος εις το Αλγέριον απειλεί την ειρήνην ολοκλήρου της Βορείου Αφρικής. Εις την Ουάσιγκτων αρμόδιοι κύκλοι δηλώνουν ότι παρακολουθούν με ενδιαφέρον την εξέλιξιν. Εις Παρισίους σημειώθη χθες συμπλοκή μεταξύ αστυνομικών και Αλγερινών διαδηλωτών, κατά την οποίαν ετραυματίσθησαν πολλοί.
ΣΥΜΠΛΟΚΗ ΕΙΣ ΤΟ ΠΑΡΙΣΙ
Ο πρόεδρος της Τυνησίας κ. Χαμπίμπ Μπουργκίμπα εις συνέντευξιν του προς γερμανικήν εφημερίδα εζήτησεν από τας Ηνωμένας Πολιτείας και τους συμμάχους της Γαλλίας να ασκήσουν πίεσιν επί της Γαλλικής κυβερνήσεως διά να αναγνωρίση την ανεξαρτησίαν του Αλγερίου. Ο κ. Μπουργκίμπα ετόνισεν ότι ο πόλεμος εις το Αλγέριον απειλεί την ειρήνην ολοκλήρου της Βορείου Αφρικής. Εις την Ουάσιγκτων αρμόδιοι κύκλοι δηλώνουν ότι παρακολουθούν με ενδιαφέρον την εξέλιξιν. Εις Παρισίους σημειώθη χθες συμπλοκή μεταξύ αστυνομικών και Αλγερινών διαδηλωτών, κατά την οποίαν ετραυματίσθησαν πολλοί. Ο πρόεδρος της Τυνησίας κ. Χαμπίμπ Μπουργκίμπα εις συνέντευξιν του προς γερμανικήν εφημερίδα εζήτησεν από τας Ηνωμένας Πολιτείας και τους συμμάχους της Γαλλίας να ασκήσουν πίεσιν επί της Γαλλικής κυβερνήσεως διά να αναγνωρίση την ανεξαρτησίαν του Αλγερίου. Ο κ. Μπουργκίμπα ετόνισεν ότι ο πόλεμος εις το Αλγέριον απειλεί την ειρήνην ολοκλήρου της Βορείου Αφρικής. Εις την Ουάσιγκτων αρμόδιοι κύκλοι δηλώνουν ότι
ΤΟ ΕΡΓΑΤΙΚΟΝ ΚΟΜΜΑ «ΕΣΑΡΩΣΕ» ΚΑΤΑ ΤΑΣ ΔΗΜΟΤΙΚΑΣ ΕΚΛΟΓΑΣ ΤΟΥΣ ΣΥΝΤΗΡΗΤΙΚΟΥΣ ΑΤΙΠΑΛΟΥΣ
ΛΟΝΔΙΝΟΝ, 9. (Ρόυτερ). Το εργατικόν κόμμα σημείωσε σημαντικήν επιτυχίαν κατά τας δημοτικάς εκλογάς αι οποίαι διεξήχθησαν εις την Αγγλίαν και την Ουαλλίαν. Κατά τα μέχρι τούδε γνωστά αποτελέσματα το εργατικόν κόμμα κερδίζει 253 έδρας ενώ οι συντηρητικοί απώλεσαν 201. Οι φιλελεύθεροι κέρδισαν 28 έδρας. Το αποτέλεσμα θεωρείται ως ένδειξις της δυσαρεσκείας του εκλογικού σώματος διά την πολιτικήν της κυβερνήσεως κ. Μακμίλλαν. Εν τούτοις αι συντηρητικαί εφημερίδες παρατηρούν ότι αι δημοτικαί εκλογαί δεν είναι χαρακτηριστικαί διά τας γενικάς.
Τ' ΑΝΑΛΥΤΙΚΑ ΑΠΟΤΕΛΕΣΜΑΤΑ
Το εργατικόν κόμμα σημείωσε σημαντικήν επιτυχίαν κατά τας δημοτικάς εκλογάς αι οποίαι διεξήχθησαν εις την Αγγλίαν και την Ουαλλίαν. Κατά τα μέχρι τούδε γνωστά αποτελέσματα το εργατικόν κόμμα κερδίζει 253 έδρας ενώ οι συντηρητικοί απώλεσαν 201. Οι φιλελεύθεροι κέρδισαν 28 έδρας. Το αποτέλεσμα θεωρείται ως ένδειξις της δυσαρεσκείας του εκλογικού σώματος διά την πολιτικήν της κυβερνήσεως κ. Μακμίλλαν. Εν τούτοις αι συντηρητικαί εφημερίδες παρατηρούν ότι αι δημοτικαί εκλογαί δεν είναι χαρακτηριστικαί διά τας γενικάς.
ΣΗΜΕΡΟΝ Ο ΦΛΕΜΛΕΝ ΘΑ ΑΠΑΝΤΗΣΗ ΑΝ ΑΠΟΔΕΧΕΤΑΙ Ή ΟΧΙ ΤΗΝ ΕΝΤΟΛΗΝ ΔΙΑ ΤΟΝ ΣΧΗΜΑΤΙΣΜΟΝ ΚΥΒΕΡΝΗΣΕΩΣ
ΠΑΡΙΣΙΟΙ, 9. (Ρόυτερ). Ο κ. Πιέρ Φλεμλέν ο οποίος εκλήθη υπό του προέδρου της Δημοκρατίας κ. Κοτύ να σχηματίση νέαν κυβέρνησιν θα ανακοινώση σήμερον την απόφασίν του. Ο κ. Φλεμλέν διεξήγαγε χθες επαφάς με τους αρχηγούς των κομμάτων διά να εξακριβώση αν θα ημπορέση να εξασφαλίση την απαιτουμένην πλειοψηφίαν εις την Εθνοσυνέλευσιν. Ο Γαλλικός τύπος σχολιάζει την κατάστασιν και εκφράζει την ανησυχίαν του διά την μακράν κρίσιν.
ΣΧΟΛΙΑ ΤΟΥ ΤΥΠΟΥ
Ο κ. Πιέρ Φλεμλέν ο οποίος εκλήθη υπό του προέδρου της Δημοκρατίας κ. Κοτύ να σχηματίση νέαν κυβέρνησιν θα ανακοινώση σήμερον την απόφασίν του. Ο κ. Φλεμλέν διεξήγαγε χθες επαφάς με τους αρχηγούς των κομμάτων διά να εξακριβώση αν θα ημπορέση να εξασφαλίση την απαιτουμένην πλειοψηφίαν εις την Εθνοσυνέλευσιν. Ο Γαλλικός τύπος σχολιάζει την κατάστασιν και εκφράζει την ανησυχίαν του διά την μακράν κρίσιν.
ΤΑ ΤΕΘΕΝΤΑ ΥΠΟ ΤΟΥ Κ. ΝΤΑΛΛΕΣ ΣΗΜΕΙΑ ΔΙΑ ΤΗΝ ΣΥΓΚΛΗΣΙΝ ΤΗΣ ΔΙΑΣΚΕΨΕΩΣ ΑΠΑΡΑΔΕΚΤΑ ΔΙΑ ΤΗΝ ΣΟΒΙΕΤΙΚΗΝ ΕΝΩΣΙΝ
ΜΟΣΧΑ, 9. (Ασ. Πρέσ). Η σοβιετική κυβέρνησις δεν δύναται να αποδεχθή τα σημεία τα οποία έθεσεν ο Αμερικανός υπουργός των Εξωτερικών κ. Ντάλλες ως προϋποθέσεις διά την σύγκλησιν διασκέψεως κορυφής. Η εφημερίς «Πράβντα» γράφει ότι η Δύσις επιδιώκει να καθυστερήση την διάσκεψιν και να θέση όρους οι οποίοι είναι απαράδεκτοι. Ο κ. Γκρομύκο εδήλωσεν ότι η Σοβιετική Ένωσις επιθυμεί ειλικρινώς την διάσκεψιν αλλά δεν θα δεχθή τετελεσμένα. Η σοβιετική κυβέρνησις δεν δύναται να αποδεχθή τα σημεία τα οποία έθεσεν ο Αμερικανός υπουργός των Εξωτερικών κ. Ντάλλες ως προϋποθέσεις διά την σύγκλησιν διασκέψεως κορυφής. Η εφημερίς «Πράβντα» γράφει ότι η Δύσις επιδιώκει να καθυστερήση την διάσκεψιν και να θέση όρους οι οποίοι είναι απαράδεκτοι. Ο κ. Γκρομύκο εδήλωσεν ότι η Σοβιετική Ένωσις επιθυμεί ειλικρινώς την διάσκεψιν αλλά δεν θα δεχθή τετελεσμένα.
ΕΚΔΙΩΧΘΕΙΣ ΔΗΜΟΣΙΟΣ ΥΠΑΛΛΗΛΟΣ ΕΔΟΛΟΦΟΝΗΣΕΝ ΕΙΣ ΤΗΝ ΟΙΚΙΑΝ ΤΟΥ ΤΟΝ Τ. ΠΡΩΘΥΠΟΥΡΓΟΝ ΤΟΥ ΠΑΚΙΣΤΑΝ
ΛΑΧΩΡΗ, Δυτικόν Πακιστάν, 9. (Ασ. Πρέσ). Ο τέως πρωθυπουργός του Δυτικού Πακιστάν Χαν Σαχίμπ εδολοφονήθη σήμερον εις την οικίαν του υπό δημοσίου υπαλλήλου ο οποίος είχεν εκδιωχθή από την υπηρεσίαν του. Ο δράστης εισήλθεν εις τον κήπον της οικίας και επυροβόλησε κατά του πρώην πρωθυπουργού ο οποίος εξέπνευσε καθ' οδόν προς το νοσοκομείον. Ο δολοφόνος συνελήφθη επί τόπου. Ο τέως πρωθυπουργός του Δυτικού Πακιστάν Χαν Σαχίμπ εδολοφονήθη σήμερον εις την οικίαν του υπό δημοσίου υπαλλήλου ο οποίος είχεν εκδιωχθή από την υπηρεσίαν του. Ο δράστης εισήλθεν εις τον κήπον της οικίας και επυροβόλησε κατά του πρώην πρωθυπουργού ο οποίος εξέπνευσε καθ' οδόν προς το νοσοκομείον. Ο δολοφόνος συνελήφθη επί τόπου.
ΕΣΤΕΡΗΘΗΣΑΝ ΤΟΥ ΔΙΚΑΙΩΜΑΤΟΣ ΤΗΣ ΨΗΦΟΥ ΕΙΣ ΤΗΝ ΔΙΑΣΚΕΨΙΝ ΕΜΠΟΡΙΚΟΥ ΝΑΥΤΙΚΟΥ ΟΙ «ΕΡΓΟΔΟΤΑΙ» ΤΩΝ ΚΟΜΜΟΥΝΙΣΤΙΚΩΝ ΧΩΡΩΝ
ΓΕΝΕΥΗ, 9. (ΑΠ). Η διάσκεψις του διεθνούς γραφείου εργασίας διά το εμπορικόν ναυτικόν απεφάσισε να στερήση του δικαιώματος της ψήφου τους αντιπροσώπους των εργοδοτών των κομμουνιστικών χωρών. Η απόφασις ελήφθη με πλειοψηφίαν 48 ψήφων έναντι 25, ενώ 29 απείχον. Οι εκπρόσωποι των δυτικών χωρών υπεστήριξαν ότι εις τας κομμουνιστικάς χώρας δεν υπάρχουν ανεξάρτητοι εργοδόται.
ΑΠΕΡΡΙΦΘΗ ΙΝΔΟΝΗΣΙΑΚΗ ΑΙΤΗΣΙΣ ΔΙ' ΑΓΟΡΑΝ ΑΜΕΡΙΚΑΝΙΚΩΝ ΟΠΛΩΝ
ΒΑΣΙΓΚΤΩΝ, 9. (Ασ. Πρέσ). Το Αμερικανικόν υπουργείον των Εξωτερικών απέρριψεν αίτησιν της Ινδονησιακής κυβερνήσεως διά την αγοράν όπλων εκ των Ηνωμένων Πολιτειών. Ο εκπρόσωπος του υπουργείου δήλωσεν ότι η απόφασις ελήφθη λόγω της εσωτερικής καταστάσεως της Ινδονησίας όπου συνεχίζονται αι συγκρούσεις μεταξύ κυβερνητικών και επαναστατικών δυνάμεων.	Το Αμερικανικόν υπουργείον των Εξωτερικών απέρριψεν αίτησιν της Ινδονησιακής κυβερνήσεως διά την αγοράν όπλων εκ των Ηνωμένων Πολιτειών. Ο εκπρόσωπος του υπουργείου δήλωσεν ότι η απόφασις ελήφθη λόγω της εσωτερικής καταστάσεως της Ινδονησίας όπου συνεχίζονται αι συγκρούσεις μεταξύ κυβερνητικών και επαναστατικών δυνάμεων.
Ο ΠΡΟΕΔΡΟΣ ΤΗΣ ΤΟΥΡΚΙΑΣ ΤΖΕΛΑΛ ΜΠΑΓΙΑΡ ΘΑ ΕΠΙΣΚΕΦΘΗ ΤΟ ΔΥΤΙΚΟΝ ΒΕΡΟΛΙΝΟΝ
ΒΟΝΝΗ, 9. (Ασ. Πρέσ). Ο πρόεδρος της Τουρκικής Δημοκρατίας κ. Τζελάλ Μπαγιάρ ο οποίος ευρίσκεται εις την Δυτικήν Γερμανίαν εις επίσημον επίσκεψιν θα μεταβή εις το Δυτικόν Βερολίνον. Ο Τούρκος πρόεδρος θα γίνη δεκτός υπό του δημάρχου κ. Μπραντ και θα επισκεφθή τα σύνορα των δύο τομέων της πόλεως. Το πρόγραμμα της επισκέψεως περιλαμβάνει και δεξίωσιν εις το δημαρχείον.
ΕΙΣ ΤΟ ΒΕΡΟΛΙΝΟΝ
ΒΕΡΟΛΙΝΟΝ, 9. (Ασ. Πρέσ). Ο πρόεδρος της Τουρκικής Δημοκρατίας κ. Τζελάλ Μπαγιάρ ο οποίος ευρίσκεται εις την Δυτικήν Γερμανίαν εις επίσημον επίσκεψιν θα μεταβή εις το Δυτικόν Βερολίνον. Ο Τούρκος πρόεδρος θα γίνη δεκτός υπό του δημάρχου κ. Μπραντ και θα επισκεφθή τα σύνορα των δύο τομέων της πόλεως. Το πρόγραμμα της επισκέψεως περιλαμβάνει και δεξίωσιν εις το δημαρχείον.
